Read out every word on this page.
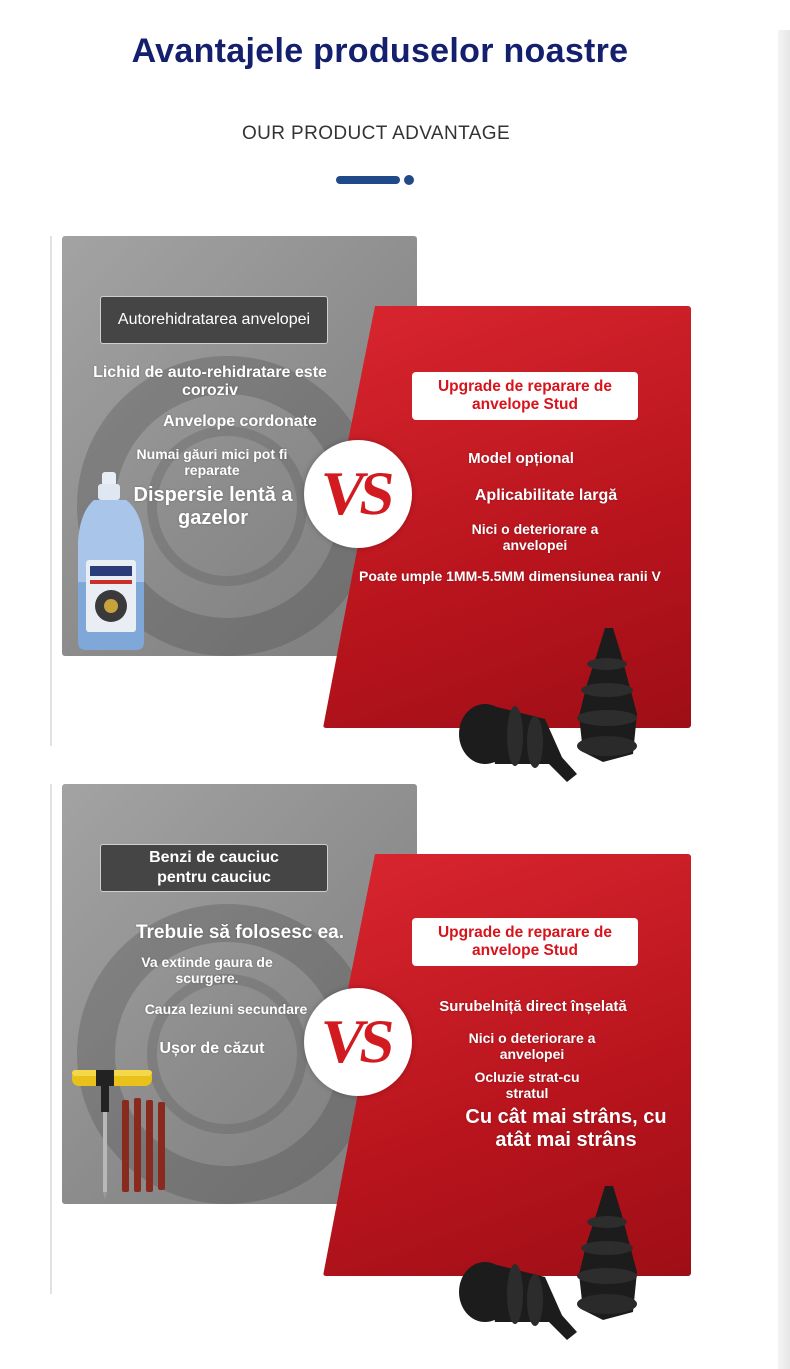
Avantajele produselor noastre
OUR PRODUCT ADVANTAGE
Autorehidratarea anvelopei
Lichid de auto-rehidratare este coroziv
Anvelope cordonate
Numai găuri mici pot fi reparate
Dispersie lentă a gazelor	VS
Upgrade de reparare de anvelope Stud
Model opțional
Aplicabilitate largă
Nici o deteriorare a anvelopei
Poate umple 1MM-5.5MM dimensiunea ranii V
Benzi de cauciuc
pentru cauciuc
Trebuie să folosesc ea.
Va extinde gaura de scurgere.
Cauza leziuni secundare
Ușor de căzut VS
Upgrade de reparare de anvelope Stud
Surubelniță direct înșelată
Nici o deteriorare a anvelopei
Ocluzie strat-cu stratul
Cu cât mai strâns, cu atât mai strâns
